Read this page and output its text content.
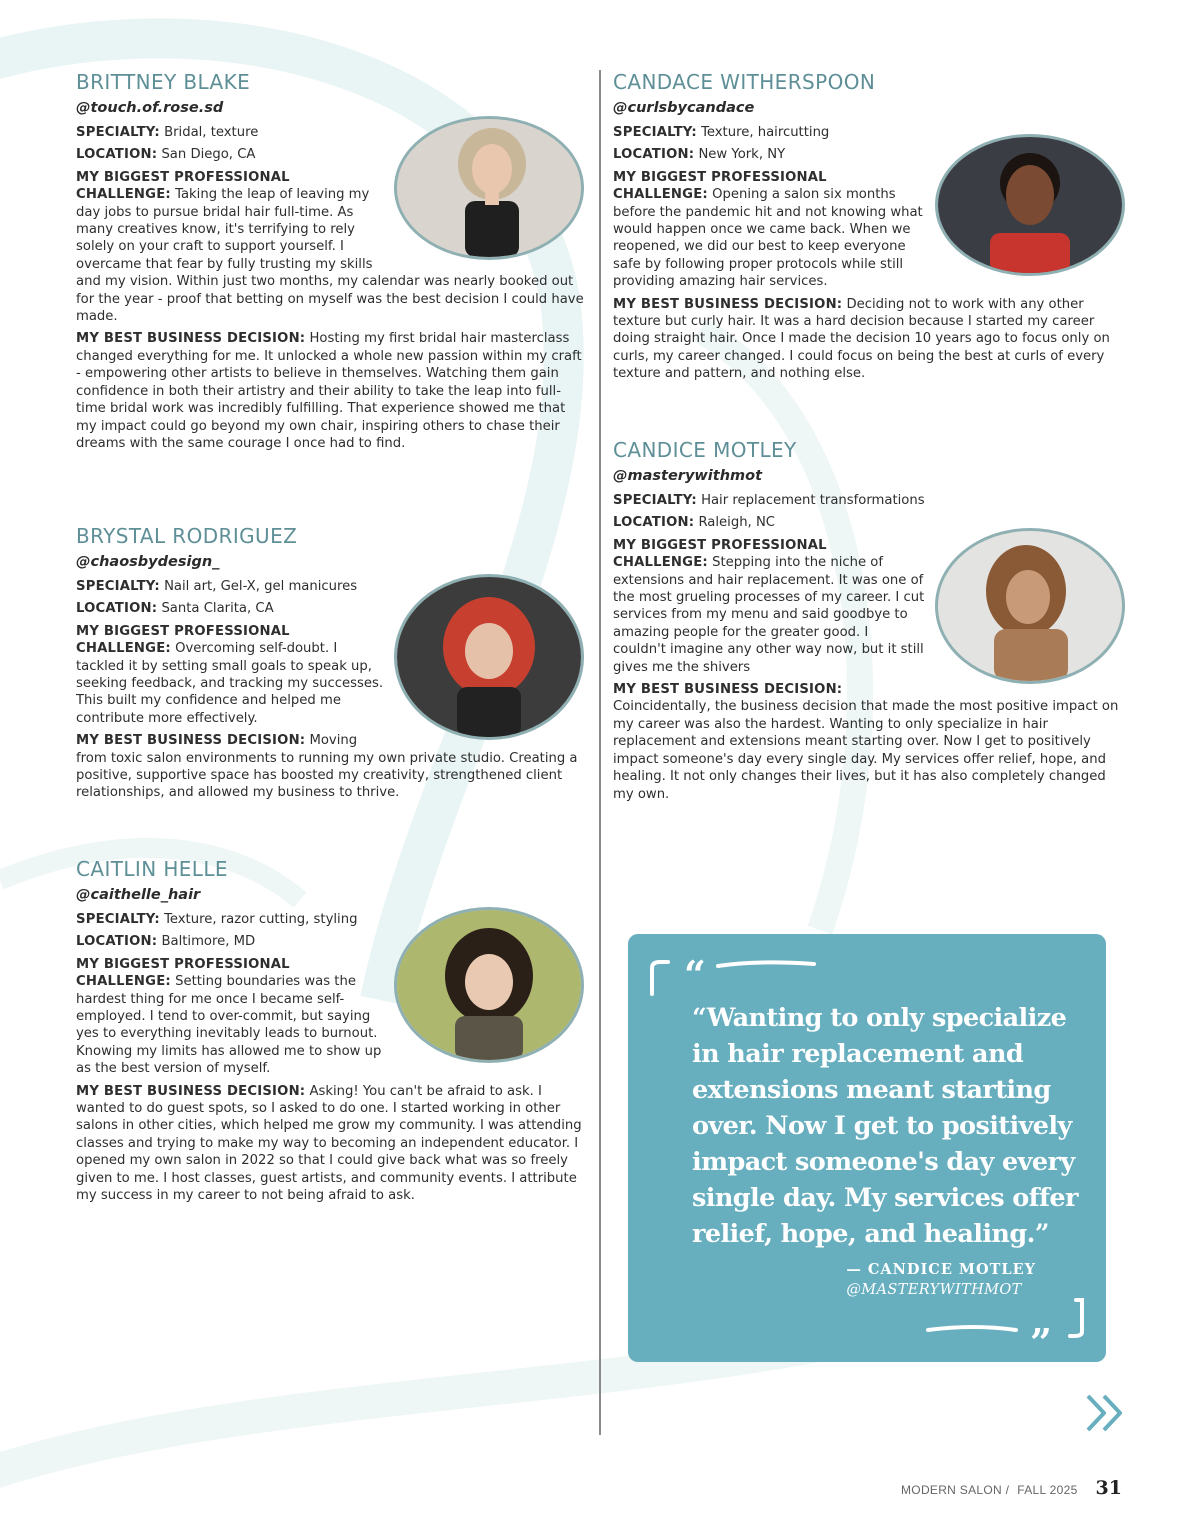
BRITTNEY BLAKE
@touch.of.rose.sd

SPECIALTY: Bridal, texture

LOCATION: San Diego, CA

MY BIGGEST PROFESSIONAL CHALLENGE: Taking the leap of leaving my day jobs to pursue bridal hair full-time. As many creatives know, it's terrifying to rely solely on your craft to support yourself. I overcame that fear by fully trusting my skills and my vision. Within just two months, my calendar was nearly booked out for the year - proof that betting on myself was the best decision I could have made.

MY BEST BUSINESS DECISION: Hosting my first bridal hair masterclass changed everything for me. It unlocked a whole new passion within my craft - empowering other artists to believe in themselves. Watching them gain confidence in both their artistry and their ability to take the leap into full-time bridal work was incredibly fulfilling. That experience showed me that my impact could go beyond my own chair, inspiring others to chase their dreams with the same courage I once had to find.

BRYSTAL RODRIGUEZ
@chaosbydesign_

SPECIALTY: Nail art, Gel-X, gel manicures

LOCATION: Santa Clarita, CA

MY BIGGEST PROFESSIONAL CHALLENGE: Overcoming self-doubt. I tackled it by setting small goals to speak up, seeking feedback, and tracking my successes. This built my confidence and helped me contribute more effectively.

MY BEST BUSINESS DECISION: Moving from toxic salon environments to running my own private studio. Creating a positive, supportive space has boosted my creativity, strengthened client relationships, and allowed my business to thrive.

CAITLIN HELLE
@caithelle_hair

SPECIALTY: Texture, razor cutting, styling

LOCATION: Baltimore, MD

MY BIGGEST PROFESSIONAL CHALLENGE: Setting boundaries was the hardest thing for me once I became self-employed. I tend to over-commit, but saying yes to everything inevitably leads to burnout. Knowing my limits has allowed me to show up as the best version of myself.

MY BEST BUSINESS DECISION: Asking! You can't be afraid to ask. I wanted to do guest spots, so I asked to do one. I started working in other salons in other cities, which helped me grow my community. I was attending classes and trying to make my way to becoming an independent educator. I opened my own salon in 2022 so that I could give back what was so freely given to me. I host classes, guest artists, and community events. I attribute my success in my career to not being afraid to ask.

CANDACE WITHERSPOON
@curlsbycandace

SPECIALTY: Texture, haircutting

LOCATION: New York, NY

MY BIGGEST PROFESSIONAL CHALLENGE: Opening a salon six months before the pandemic hit and not knowing what would happen once we came back. When we reopened, we did our best to keep everyone safe by following proper protocols while still providing amazing hair services.

MY BEST BUSINESS DECISION: Deciding not to work with any other texture but curly hair. It was a hard decision because I started my career doing straight hair. Once I made the decision 10 years ago to focus only on curls, my career changed. I could focus on being the best at curls of every texture and pattern, and nothing else.

CANDICE MOTLEY
@masterywithmot

SPECIALTY: Hair replacement transformations

LOCATION: Raleigh, NC

MY BIGGEST PROFESSIONAL CHALLENGE: Stepping into the niche of extensions and hair replacement. It was one of the most grueling processes of my career. I cut services from my menu and said goodbye to amazing people for the greater good. I couldn't imagine any other way now, but it still gives me the shivers

MY BEST BUSINESS DECISION: Coincidentally, the business decision that made the most positive impact on my career was also the hardest. Wanting to only specialize in hair replacement and extensions meant starting over. Now I get to positively impact someone's day every single day. My services offer relief, hope, and healing. It not only changes their lives, but it has also completely changed my own.

“
“Wanting to only specialize in hair replacement and extensions meant starting over. Now I get to positively impact someone's day every single day. My services offer relief, hope, and healing.”
— CANDICE MOTLEY
@MASTERYWITHMOT
”
MODERN SALON / FALL 2025 31
